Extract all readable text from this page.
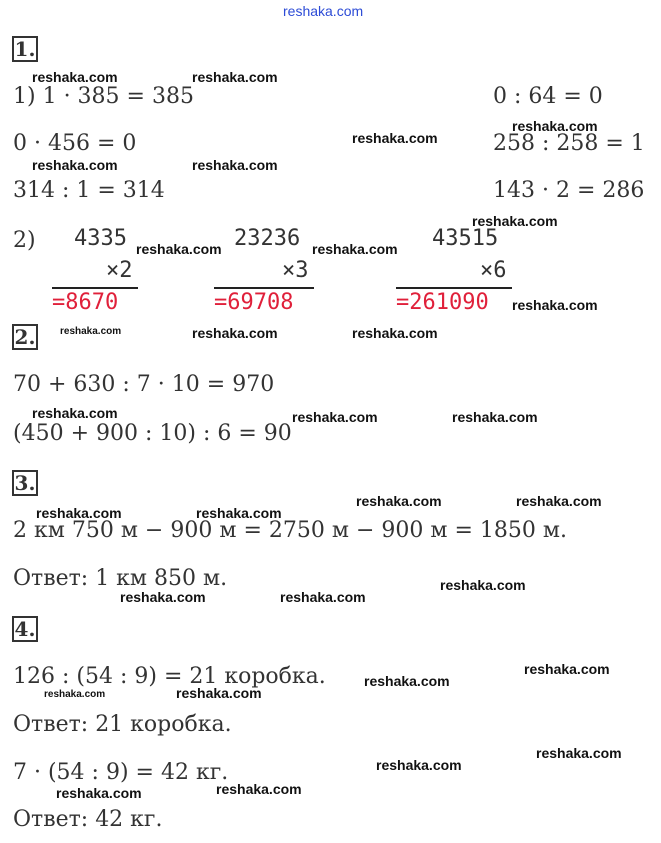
reshaka.com
reshaka.com	reshaka.com
reshaka.com
reshaka.com
reshaka.com	reshaka.com
reshaka.com
reshaka.com	reshaka.com
reshaka.com
reshaka.com	reshaka.com	reshaka.com
reshaka.com	reshaka.com	reshaka.com
reshaka.com	reshaka.com
reshaka.com	reshaka.com
reshaka.com
reshaka.com	reshaka.com
reshaka.com
reshaka.com
reshaka.com
reshaka.com
reshaka.com
reshaka.com
reshaka.com	reshaka.com
1.
1) 1 · 385 = 385	0 : 64 = 0
0 · 456 = 0	258 : 258 = 1
314 : 1 = 314	143 · 2 = 286
2) 4335
×2
=8670
23236
×3
=69708
43515
×6
=261090
2.
70 + 630 : 7 · 10 = 970
(450 + 900 : 10) : 6 = 90
3.
2 км 750 м − 900 м = 2750 м − 900 м = 1850 м.
Ответ: 1 км 850 м.
4.
126 : (54 : 9) = 21 коробка.
Ответ: 21 коробка.
7 · (54 : 9) = 42 кг.
Ответ: 42 кг.
